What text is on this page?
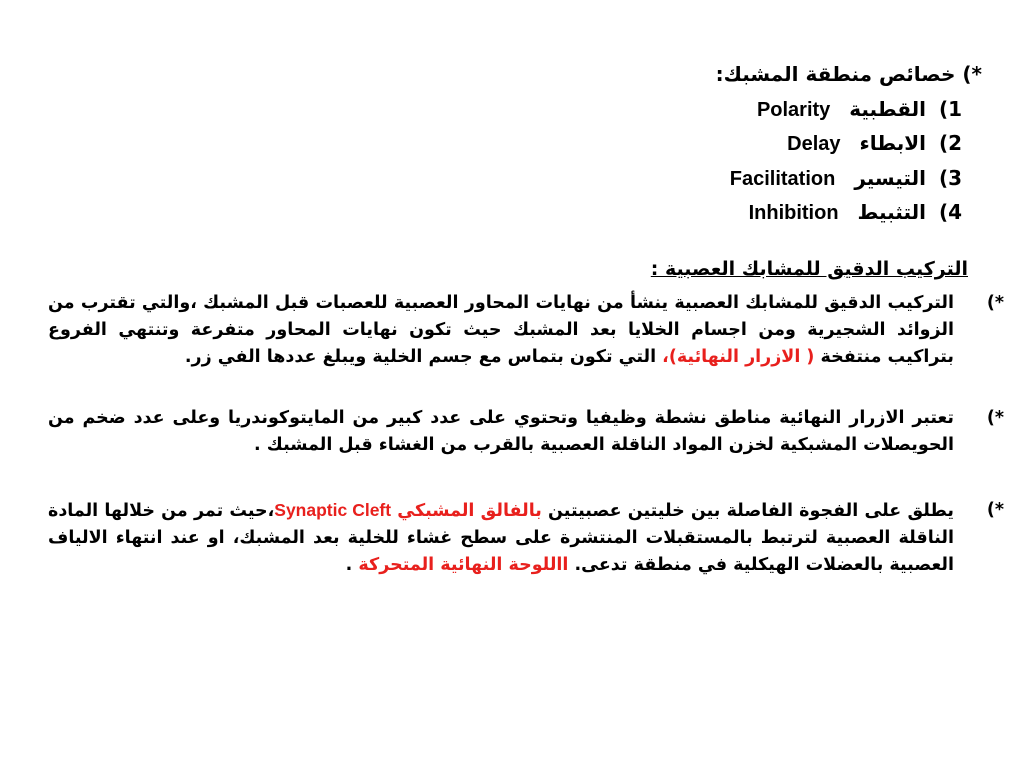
*) خصائص منطقة المشبك:
1) القطبية Polarity
2) الابطاء Delay
3) التيسير Facilitation
4) التثبيط Inhibition
التركيب الدقيق للمشابك العصبية :
*)
التركيب الدقيق للمشابك العصبية ينشأ من نهايات المحاور العصبية للعصبات قبل المشبك ،والتي تقترب من الزوائد الشجيرية ومن اجسام الخلايا بعد المشبك حيث تكون نهايات المحاور متفرعة وتنتهي الفروع بتراكيب منتفخة ( الازرار النهائية)، التي تكون بتماس مع جسم الخلية ويبلغ عددها الفي زر.
*)
تعتبر الازرار النهائية مناطق نشطة وظيفيا وتحتوي على عدد كبير من المايتوكوندريا وعلى عدد ضخم من الحويصلات المشبكية لخزن المواد الناقلة العصبية بالقرب من الغشاء قبل المشبك .
*)
يطلق على الفجوة الفاصلة بين خليتين عصبيتين بالفالق المشبكي Synaptic Cleft،حيث تمر من خلالها المادة الناقلة العصبية لترتبط بالمستقبلات المنتشرة على سطح غشاء للخلية بعد المشبك، او عند انتهاء الالياف العصبية بالعضلات الهيكلية في منطقة تدعى. االلوحة النهائية المتحركة .
